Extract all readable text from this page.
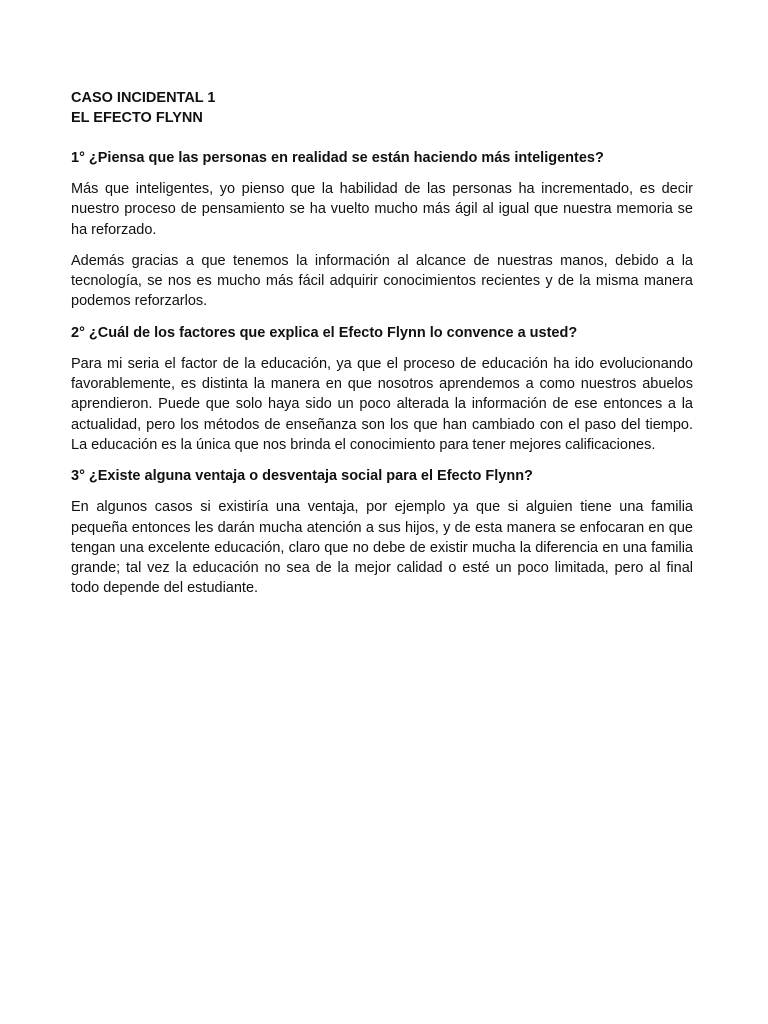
CASO INCIDENTAL 1
EL EFECTO FLYNN

1° ¿Piensa que las personas en realidad se están haciendo más inteligentes?

Más que inteligentes, yo pienso que la habilidad de las personas ha incrementado, es decir nuestro proceso de pensamiento se ha vuelto mucho más ágil al igual que nuestra memoria se ha reforzado.

Además gracias a que tenemos la información al alcance de nuestras manos, debido a la tecnología, se nos es mucho más fácil adquirir conocimientos recientes y de la misma manera podemos reforzarlos.

2° ¿Cuál de los factores que explica el Efecto Flynn lo convence a usted?

Para mi seria el factor de la educación, ya que el proceso de educación ha ido evolucionando favorablemente, es distinta la manera en que nosotros aprendemos a como nuestros abuelos aprendieron. Puede que solo haya sido un poco alterada la información de ese entonces a la actualidad, pero los métodos de enseñanza son los que han cambiado con el paso del tiempo. La educación es la única que nos brinda el conocimiento para tener mejores calificaciones.

3° ¿Existe alguna ventaja o desventaja social para el Efecto Flynn?

En algunos casos si existiría una ventaja, por ejemplo ya que si alguien tiene una familia pequeña entonces les darán mucha atención a sus hijos, y de esta manera se enfocaran en que tengan una excelente educación, claro que no debe de existir mucha la diferencia en una familia grande; tal vez la educación no sea de la mejor calidad o esté un poco limitada, pero al final todo depende del estudiante.
